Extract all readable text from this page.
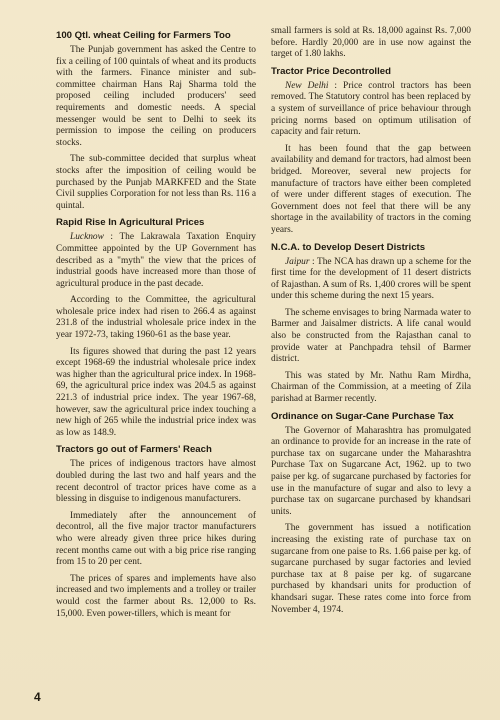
100 Qtl. wheat Ceiling for Farmers Too

The Punjab government has asked the Centre to fix a ceiling of 100 quintals of wheat and its products with the farmers. Finance minister and sub-committee chairman Hans Raj Sharma told the proposed ceiling included producers' seed requirements and domestic needs. A special messenger would be sent to Delhi to seek its permission to impose the ceiling on producers stocks.

The sub-committee decided that surplus wheat stocks after the imposition of ceiling would be purchased by the Punjab MARKFED and the State Civil supplies Corporation for not less than Rs. 116 a quintal.

Rapid Rise In Agricultural Prices

Lucknow : The Lakrawala Taxation Enquiry Committee appointed by the UP Government has described as a "myth" the view that the prices of industrial goods have increased more than those of agricultural produce in the past decade.

According to the Committee, the agricultural wholesale price index had risen to 266.4 as against 231.8 of the industrial wholesale price index in the year 1972-73, taking 1960-61 as the base year.

Its figures showed that during the past 12 years except 1968-69 the industrial wholesale price index was higher than the agricultural price index. In 1968-69, the agricultural price index was 204.5 as against 221.3 of industrial price index. The year 1967-68, however, saw the agricultural price index touching a new high of 265 while the industrial price index was as low as 148.9.

Tractors go out of Farmers' Reach

The prices of indigenous tractors have almost doubled during the last two and half years and the recent decontrol of tractor prices have come as a blessing in disguise to indigenous manufacturers.

Immediately after the announcement of decontrol, all the five major tractor manufacturers who were already given three price hikes during recent months came out with a big price rise ranging from 15 to 20 per cent.

The prices of spares and implements have also increased and two implements and a trolley or trailer would cost the farmer about Rs. 12,000 to Rs. 15,000. Even power-tillers, which is meant for

small farmers is sold at Rs. 18,000 against Rs. 7,000 before. Hardly 20,000 are in use now against the target of 1.80 lakhs.

Tractor Price Decontrolled

New Delhi : Price control tractors has been removed. The Statutory control has been replaced by a system of surveillance of price behaviour through pricing norms based on optimum utilisation of capacity and fair return.

It has been found that the gap between availability and demand for tractors, had almost been bridged. Moreover, several new projects for manufacture of tractors have either been completed of were under different stages of execution. The Government does not feel that there will be any shortage in the availability of tractors in the coming years.

N.C.A. to Develop Desert Districts

Jaipur : The NCA has drawn up a scheme for the first time for the development of 11 desert districts of Rajasthan. A sum of Rs. 1,400 crores will be spent under this scheme during the next 15 years.

The scheme envisages to bring Narmada water to Barmer and Jaisalmer districts. A life canal would also be constructed from the Rajasthan canal to provide water at Panchpadra tehsil of Barmer district.

This was stated by Mr. Nathu Ram Mirdha, Chairman of the Commission, at a meeting of Zila parishad at Barmer recently.

Ordinance on Sugar-Cane Purchase Tax

The Governor of Maharashtra has promulgated an ordinance to provide for an increase in the rate of purchase tax on sugarcane under the Maharashtra Purchase Tax on Sugarcane Act, 1962. up to two paise per kg. of sugarcane purchased by factories for use in the manufacture of sugar and also to levy a purchase tax on sugarcane purchased by khandsari units.

The government has issued a notification increasing the existing rate of purchase tax on sugarcane from one paise to Rs. 1.66 paise per kg. of sugarcane purchased by sugar factories and levied purchase tax at 8 paise per kg. of sugarcane purchased by khandsari units for production of khandsari sugar. These rates come into force from November 4, 1974.

4
